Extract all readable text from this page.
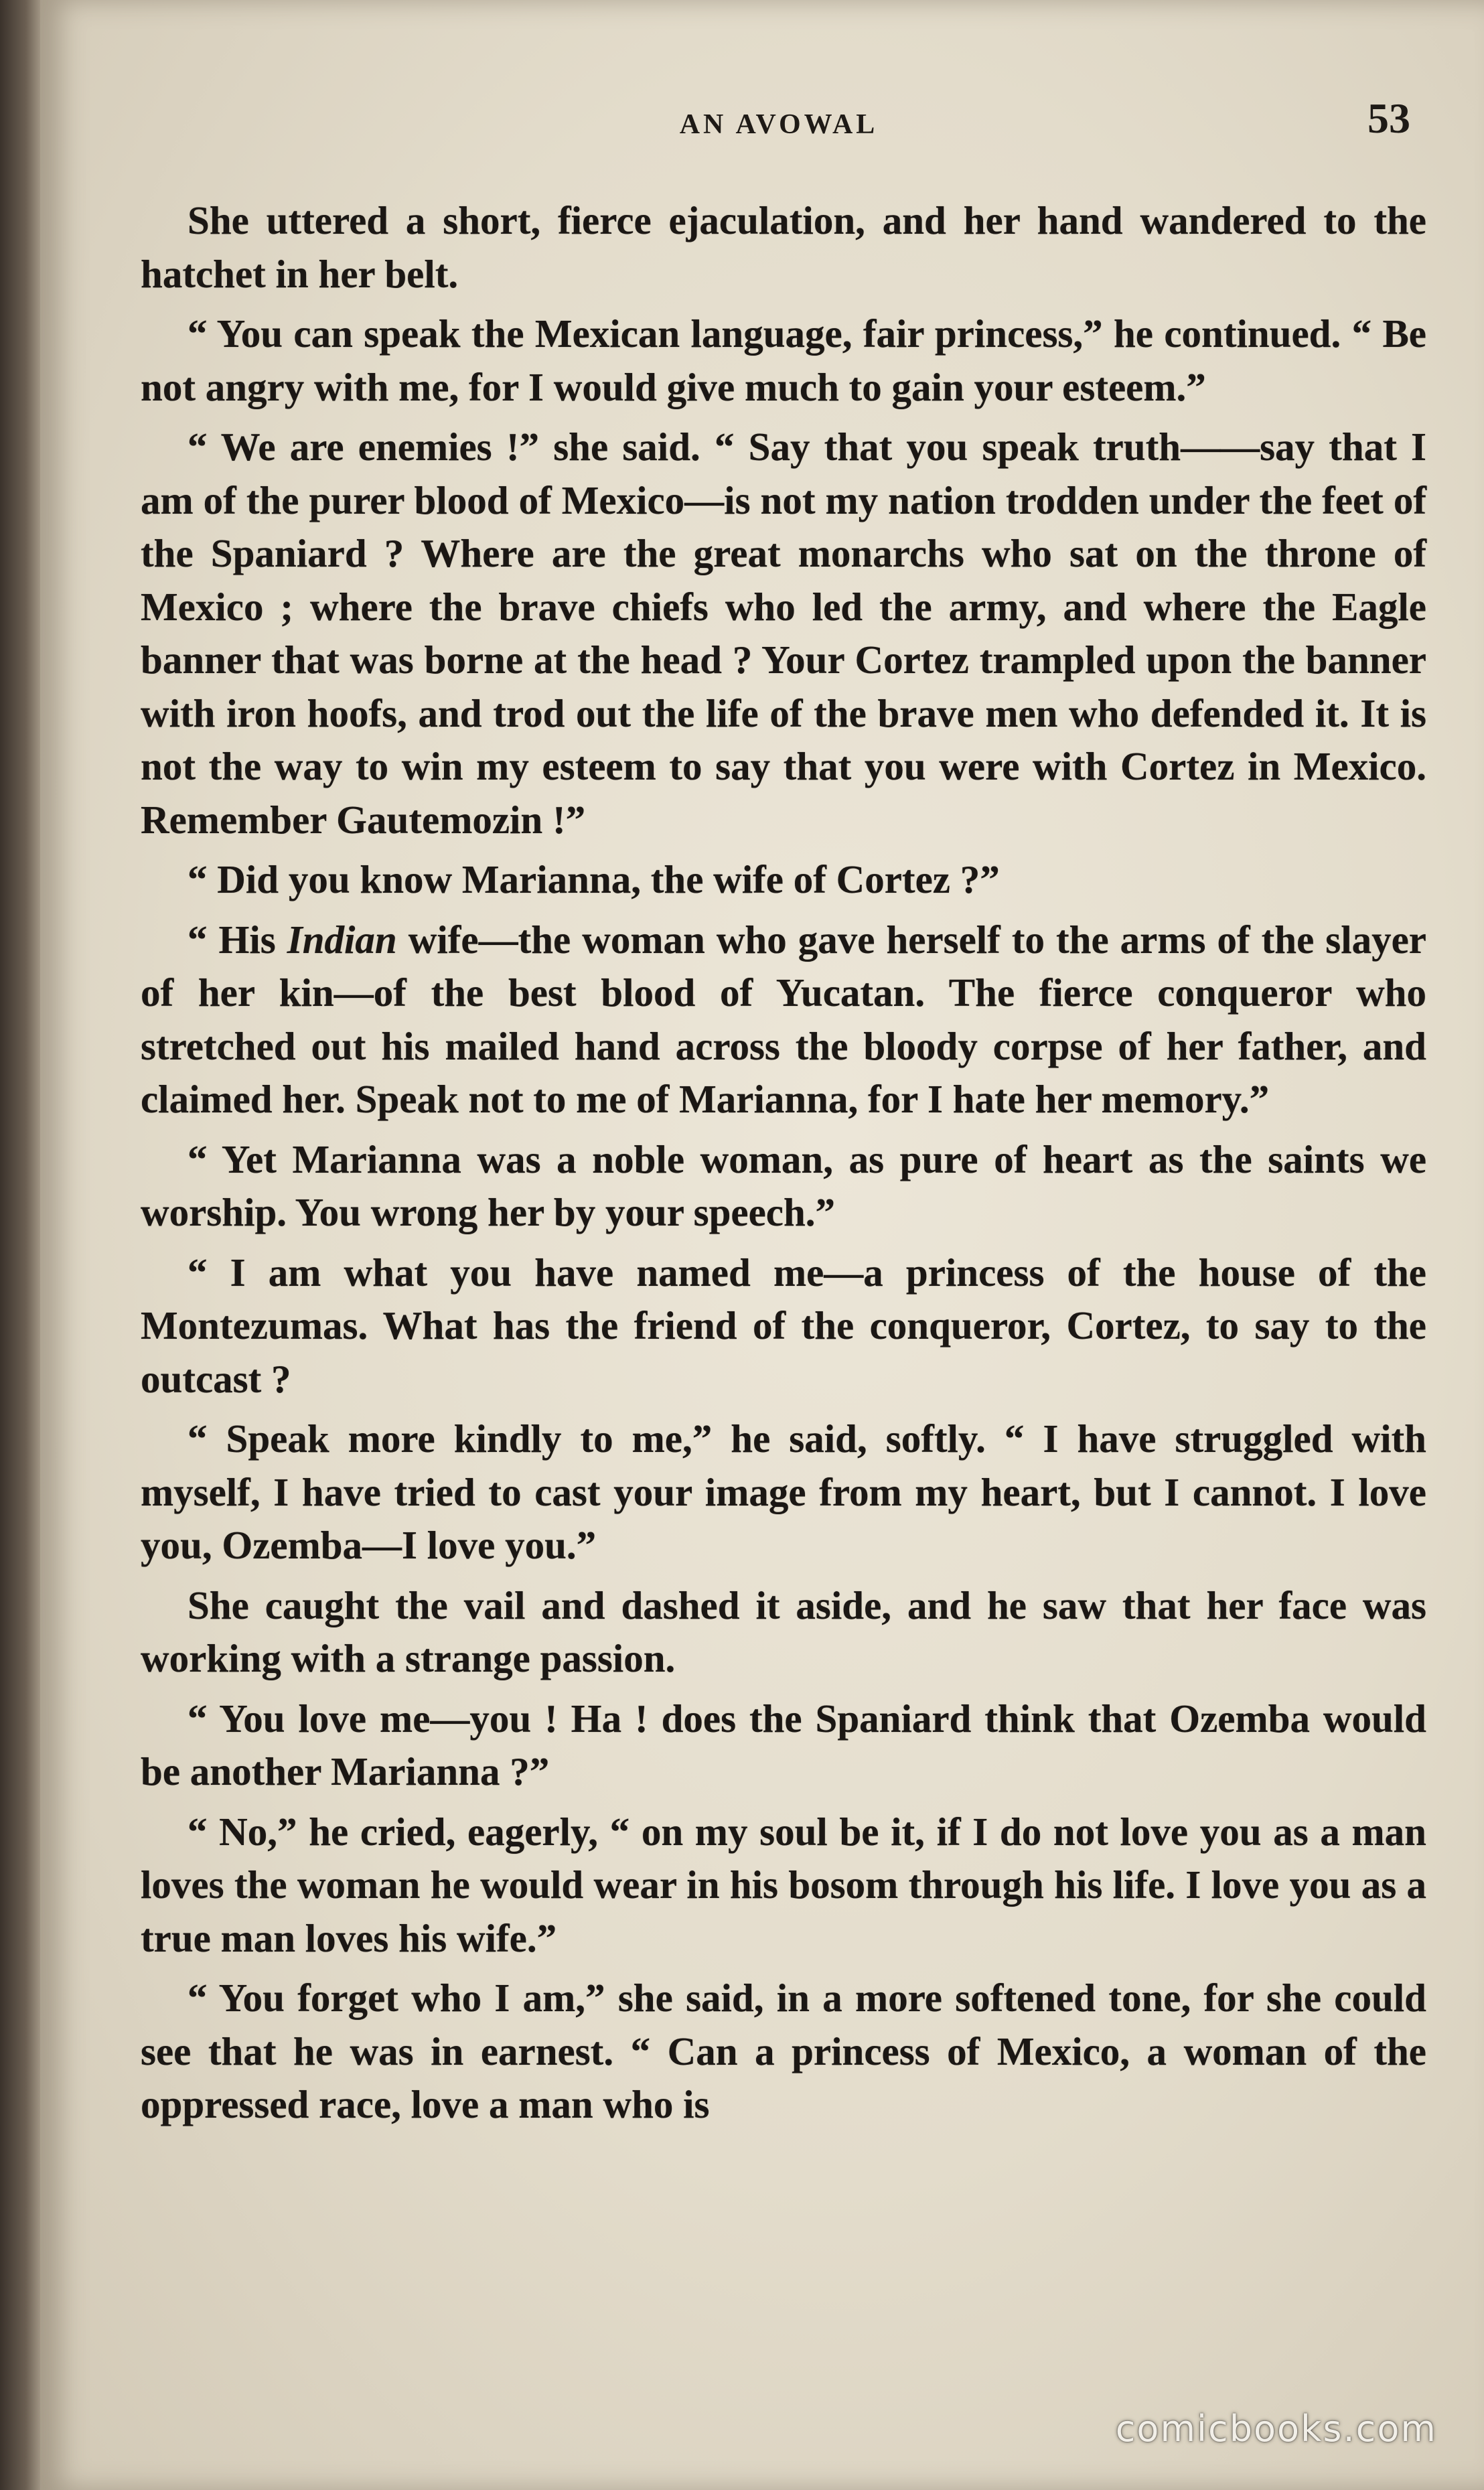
AN AVOWAL	53

She uttered a short, fierce ejaculation, and her hand wandered to the hatchet in her belt.

“ You can speak the Mexican language, fair princess,” he continued. “ Be not angry with me, for I would give much to gain your esteem.”

“ We are enemies !” she said. “ Say that you speak truth——say that I am of the purer blood of Mexico—is not my nation trodden under the feet of the Spaniard ? Where are the great monarchs who sat on the throne of Mexico ; where the brave chiefs who led the army, and where the Eagle banner that was borne at the head ? Your Cortez trampled upon the banner with iron hoofs, and trod out the life of the brave men who defended it. It is not the way to win my esteem to say that you were with Cortez in Mexico. Remember Gautemozin !”

“ Did you know Marianna, the wife of Cortez ?”

“ His Indian wife—the woman who gave herself to the arms of the slayer of her kin—of the best blood of Yucatan. The fierce conqueror who stretched out his mailed hand across the bloody corpse of her father, and claimed her. Speak not to me of Marianna, for I hate her memory.”

“ Yet Marianna was a noble woman, as pure of heart as the saints we worship. You wrong her by your speech.”

“ I am what you have named me—a princess of the house of the Montezumas. What has the friend of the conqueror, Cortez, to say to the outcast ?

“ Speak more kindly to me,” he said, softly. “ I have struggled with myself, I have tried to cast your image from my heart, but I cannot. I love you, Ozemba—I love you.”

She caught the vail and dashed it aside, and he saw that her face was working with a strange passion.

“ You love me—you ! Ha ! does the Spaniard think that Ozemba would be another Marianna ?”

“ No,” he cried, eagerly, “ on my soul be it, if I do not love you as a man loves the woman he would wear in his bosom through his life. I love you as a true man loves his wife.”

“ You forget who I am,” she said, in a more softened tone, for she could see that he was in earnest. “ Can a princess of Mexico, a woman of the oppressed race, love a man who is

comicbooks.com
